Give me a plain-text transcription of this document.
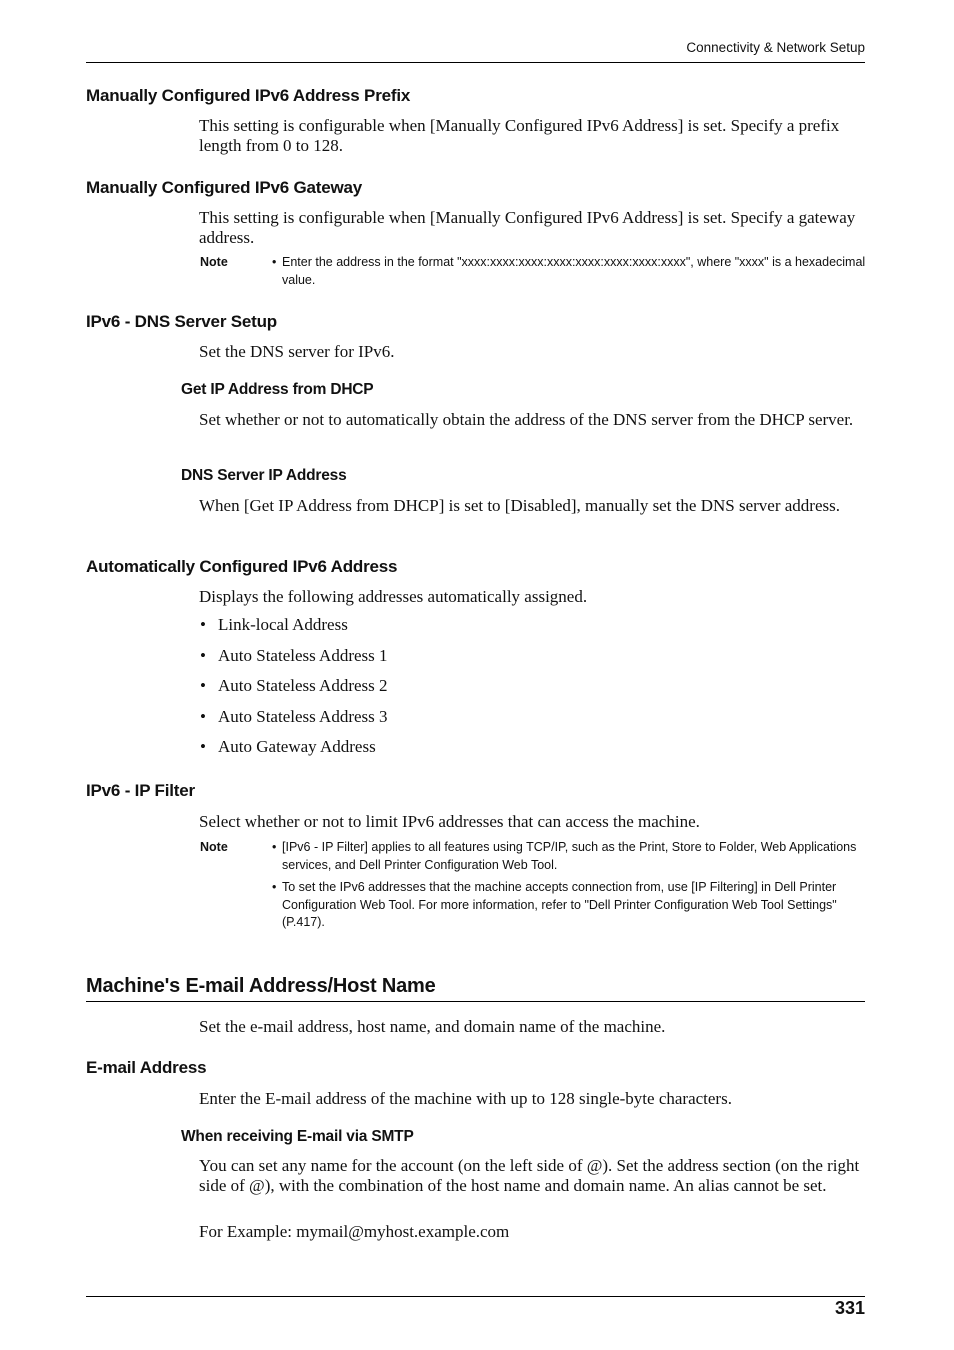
Connectivity & Network Setup
Manually Configured IPv6 Address Prefix
This setting is configurable when [Manually Configured IPv6 Address] is set. Specify a prefix length from 0 to 128.
Manually Configured IPv6 Gateway
This setting is configurable when [Manually Configured IPv6 Address] is set. Specify a gateway address.
Note	• Enter the address in the format "xxxx:xxxx:xxxx:xxxx:xxxx:xxxx:xxxx:xxxx", where "xxxx" is a hexadecimal value.
IPv6 - DNS Server Setup
Set the DNS server for IPv6.
Get IP Address from DHCP
Set whether or not to automatically obtain the address of the DNS server from the DHCP server.
DNS Server IP Address
When [Get IP Address from DHCP] is set to [Disabled], manually set the DNS server address.
Automatically Configured IPv6 Address
Displays the following addresses automatically assigned.
• Link-local Address
• Auto Stateless Address 1
• Auto Stateless Address 2
• Auto Stateless Address 3
• Auto Gateway Address
IPv6 - IP Filter
Select whether or not to limit IPv6 addresses that can access the machine.
Note	• [IPv6 - IP Filter] applies to all features using TCP/IP, such as the Print, Store to Folder, Web Applications services, and Dell Printer Configuration Web Tool.
• To set the IPv6 addresses that the machine accepts connection from, use [IP Filtering] in Dell Printer Configuration Web Tool. For more information, refer to "Dell Printer Configuration Web Tool Settings" (P.417).
Machine's E-mail Address/Host Name
Set the e-mail address, host name, and domain name of the machine.
E-mail Address
Enter the E-mail address of the machine with up to 128 single-byte characters.
When receiving E-mail via SMTP
You can set any name for the account (on the left side of @). Set the address section (on the right side of @), with the combination of the host name and domain name. An alias cannot be set.
For Example: mymail@myhost.example.com
331
